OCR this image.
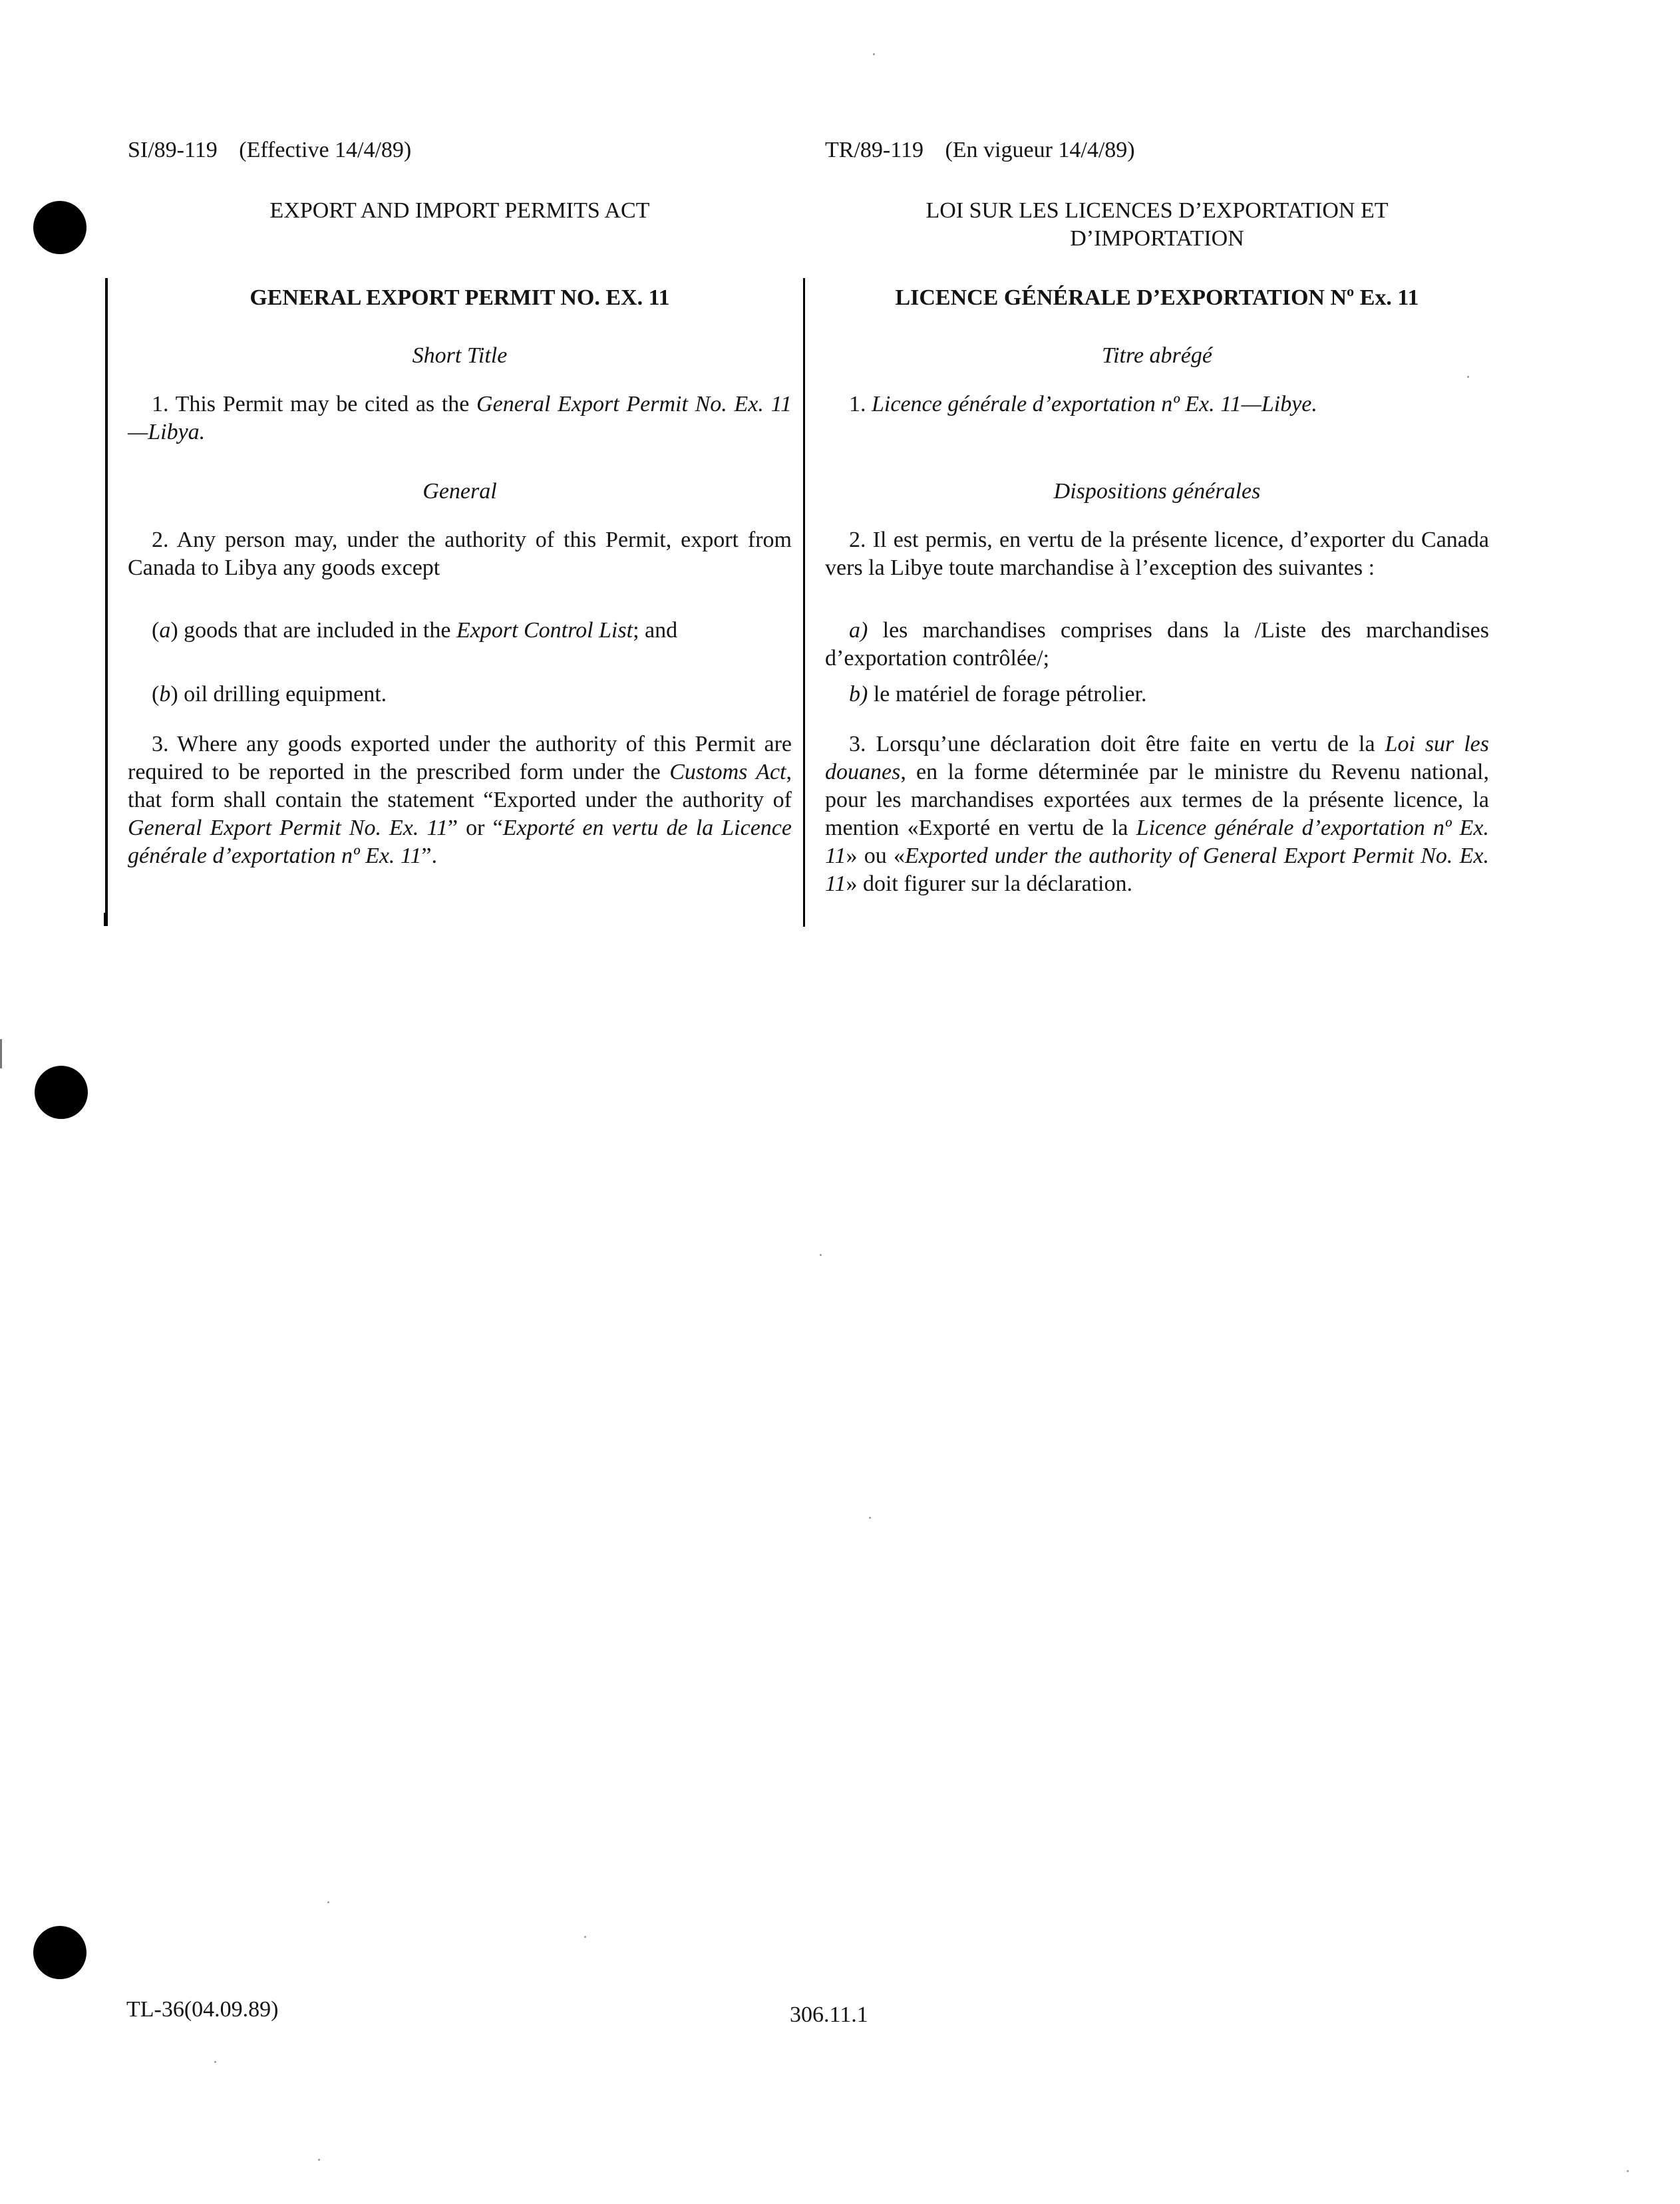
SI/89-119 (Effective 14/4/89)
EXPORT AND IMPORT PERMITS ACT
GENERAL EXPORT PERMIT NO. EX. 11
Short Title
1. This Permit may be cited as the General Export Permit No. Ex. 11—Libya.
General
2. Any person may, under the authority of this Permit, export from Canada to Libya any goods except
(a) goods that are included in the Export Control List; and
(b) oil drilling equipment.
3. Where any goods exported under the authority of this Permit are required to be reported in the prescribed form under the Customs Act, that form shall contain the statement “Exported under the authority of General Export Permit No. Ex. 11” or “Exporté en vertu de la Licence générale d’exportation nº Ex. 11”.
TR/89-119 (En vigueur 14/4/89)
LOI SUR LES LICENCES D’EXPORTATION ET
D’IMPORTATION
LICENCE GÉNÉRALE D’EXPORTATION Nº Ex. 11
Titre abrégé
1. Licence générale d’exportation nº Ex. 11—Libye.
Dispositions générales
2. Il est permis, en vertu de la présente licence, d’exporter du Canada vers la Libye toute marchandise à l’exception des suivantes :
a) les marchandises comprises dans la /Liste des marchandises d’exportation contrôlée/;
b) le matériel de forage pétrolier.
3. Lorsqu’une déclaration doit être faite en vertu de la Loi sur les douanes, en la forme déterminée par le ministre du Revenu national, pour les marchandises exportées aux termes de la présente licence, la mention «Exporté en vertu de la Licence générale d’exportation nº Ex. 11» ou «Exported under the authority of General Export Permit No. Ex. 11» doit figurer sur la déclaration.
TL-36(04.09.89)	306.11.1
